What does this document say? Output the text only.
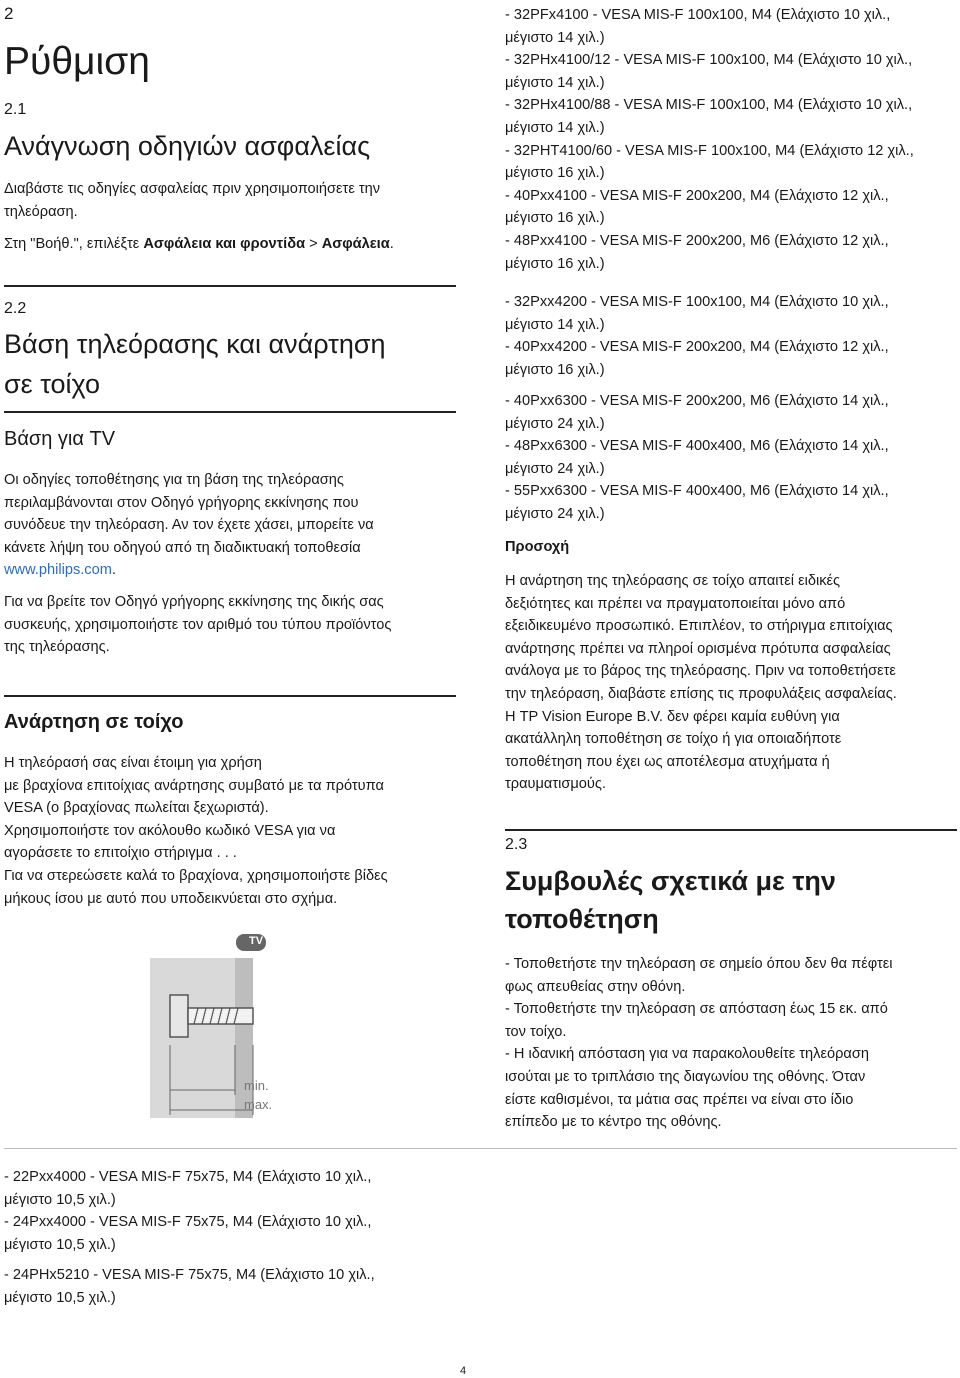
2
Ρύθμιση
2.1
Ανάγνωση οδηγιών ασφαλείας
Διαβάστε τις οδηγίες ασφαλείας πριν χρησιμοποιήσετε την τηλεόραση.
Στη "Βοήθ.", επιλέξτε Ασφάλεια και φροντίδα > Ασφάλεια.
2.2
Βάση τηλεόρασης και ανάρτηση
σε τοίχο
Βάση για TV
Οι οδηγίες τοποθέτησης για τη βάση της τηλεόρασης
περιλαμβάνονται στον Οδηγό γρήγορης εκκίνησης που
συνόδευε την τηλεόραση. Αν τον έχετε χάσει, μπορείτε να
κάνετε λήψη του οδηγού από τη διαδικτυακή τοποθεσία
www.philips.com.
Για να βρείτε τον Οδηγό γρήγορης εκκίνησης της δικής σας
συσκευής, χρησιμοποιήστε τον αριθμό του τύπου προϊόντος
της τηλεόρασης.
Ανάρτηση σε τοίχο
Η τηλεόρασή σας είναι έτοιμη για χρήση
με βραχίονα επιτοίχιας ανάρτησης συμβατό με τα πρότυπα
VESA (ο βραχίονας πωλείται ξεχωριστά).
Χρησιμοποιήστε τον ακόλουθο κωδικό VESA για να
αγοράσετε το επιτοίχιο στήριγμα . . .
Για να στερεώσετε καλά το βραχίονα, χρησιμοποιήστε βίδες
μήκους ίσου με αυτό που υποδεικνύεται στο σχήμα.
TV
min.
max.
- 22Pxx4000 - VESA MIS-F 75x75, M4 (Ελάχιστο 10 χιλ.,
μέγιστο 10,5 χιλ.)
- 24Pxx4000 - VESA MIS-F 75x75, M4 (Ελάχιστο 10 χιλ.,
μέγιστο 10,5 χιλ.)
- 24PHx5210 - VESA MIS-F 75x75, M4 (Ελάχιστο 10 χιλ.,
μέγιστο 10,5 χιλ.)
- 32PFx4100 - VESA MIS-F 100x100, M4 (Ελάχιστο 10 χιλ.,
μέγιστο 14 χιλ.)
- 32PHx4100/12 - VESA MIS-F 100x100, M4 (Ελάχιστο 10 χιλ.,
μέγιστο 14 χιλ.)
- 32PHx4100/88 - VESA MIS-F 100x100, M4 (Ελάχιστο 10 χιλ.,
μέγιστο 14 χιλ.)
- 32PHT4100/60 - VESA MIS-F 100x100, M4 (Ελάχιστο 12 χιλ.,
μέγιστο 16 χιλ.)
- 40Pxx4100 - VESA MIS-F 200x200, M4 (Ελάχιστο 12 χιλ.,
μέγιστο 16 χιλ.)
- 48Pxx4100 - VESA MIS-F 200x200, M6 (Ελάχιστο 12 χιλ.,
μέγιστο 16 χιλ.)
- 32Pxx4200 - VESA MIS-F 100x100, M4 (Ελάχιστο 10 χιλ.,
μέγιστο 14 χιλ.)
- 40Pxx4200 - VESA MIS-F 200x200, M4 (Ελάχιστο 12 χιλ.,
μέγιστο 16 χιλ.)
- 40Pxx6300 - VESA MIS-F 200x200, M6 (Ελάχιστο 14 χιλ.,
μέγιστο 24 χιλ.)
- 48Pxx6300 - VESA MIS-F 400x400, M6 (Ελάχιστο 14 χιλ.,
μέγιστο 24 χιλ.)
- 55Pxx6300 - VESA MIS-F 400x400, M6 (Ελάχιστο 14 χιλ.,
μέγιστο 24 χιλ.)
Προσοχή
Η ανάρτηση της τηλεόρασης σε τοίχο απαιτεί ειδικές
δεξιότητες και πρέπει να πραγματοποιείται μόνο από
εξειδικευμένο προσωπικό. Επιπλέον, το στήριγμα επιτοίχιας
ανάρτησης πρέπει να πληροί ορισμένα πρότυπα ασφαλείας
ανάλογα με το βάρος της τηλεόρασης. Πριν να τοποθετήσετε
την τηλεόραση, διαβάστε επίσης τις προφυλάξεις ασφαλείας.
Η TP Vision Europe B.V. δεν φέρει καμία ευθύνη για
ακατάλληλη τοποθέτηση σε τοίχο ή για οποιαδήποτε
τοποθέτηση που έχει ως αποτέλεσμα ατυχήματα ή
τραυματισμούς.
2.3
Συμβουλές σχετικά με την
τοποθέτηση
- Τοποθετήστε την τηλεόραση σε σημείο όπου δεν θα πέφτει
φως απευθείας στην οθόνη.
- Τοποθετήστε την τηλεόραση σε απόσταση έως 15 εκ. από
τον τοίχο.
- Η ιδανική απόσταση για να παρακολουθείτε τηλεόραση
ισούται με το τριπλάσιο της διαγωνίου της οθόνης. Όταν
είστε καθισμένοι, τα μάτια σας πρέπει να είναι στο ίδιο
επίπεδο με το κέντρο της οθόνης.
4
